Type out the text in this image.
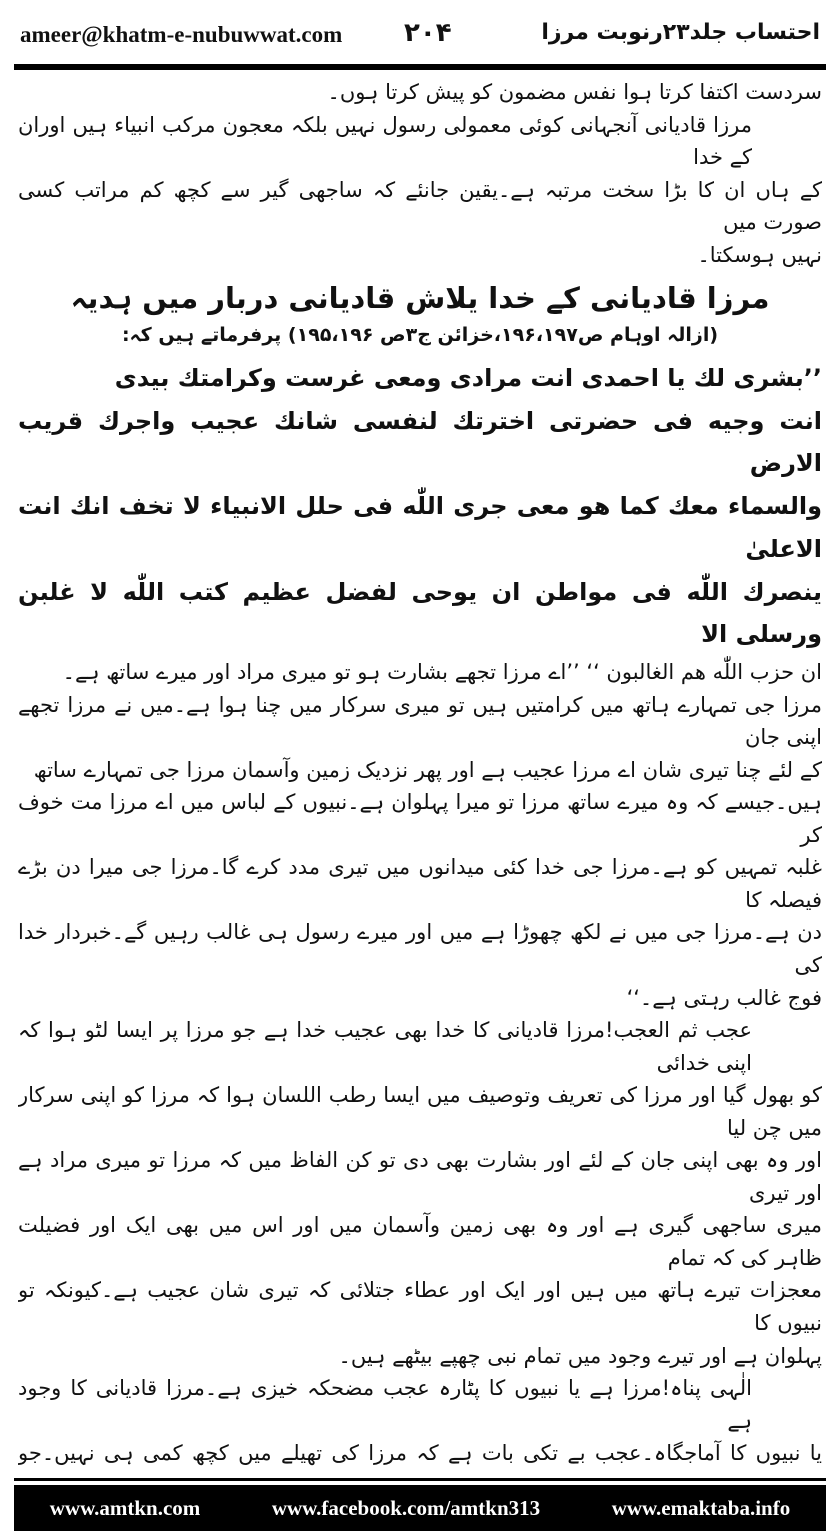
ameer@khatm-e-nubuwwat.com ۲۰۴	احتساب جلد۲۳رنوبت مرزا

سردست اکتفا کرتا ہوا نفس مضمون کو پیش کرتا ہوں۔

مرزا قادیانی آنجہانی کوئی معمولی رسول نہیں بلکہ معجون مرکب انبیاء ہیں اوران کے خدا

کے ہاں ان کا بڑا سخت مرتبہ ہے۔یقین جانئے کہ ساجھی گیر سے کچھ کم مراتب کسی صورت میں

نہیں ہوسکتا۔

مرزا قادیانی کے خدا یلاش قادیانی دربار میں ہدیہ

(ازالہ اوہام ص۱۹۶،۱۹۷،خزائن ج۳ص ۱۹۵،۱۹۶) پرفرماتے ہیں کہ:

’’بشری لك یا احمدی انت مرادی ومعی غرست وكرامتك بیدی

انت وجیه فی حضرتی اخترتك لنفسی شانك عجیب واجرك قریب الارض

والسماء معك كما هو معی جری اللّٰه فی حلل الانبیاء لا تخف انك انت الاعلیٰ

ینصرك اللّٰه فی مواطن ان یوحی لفضل عظیم كتب اللّٰه لا غلبن ورسلی الا

ان حزب اللّٰه هم الغالبون ‘‘ ’’اے مرزا تجھے بشارت ہو تو میری مراد اور میرے ساتھ ہے۔

مرزا جی تمہارے ہاتھ میں کرامتیں ہیں تو میری سرکار میں چنا ہوا ہے۔میں نے مرزا تجھے اپنی جان

کے لئے چنا تیری شان اے مرزا عجیب ہے اور پھر نزدیک زمین وآسمان مرزا جی تمہارے ساتھ

ہیں۔جیسے کہ وہ میرے ساتھ مرزا تو میرا پہلوان ہے۔نبیوں کے لباس میں اے مرزا مت خوف کر

غلبہ تمہیں کو ہے۔مرزا جی خدا کئی میدانوں میں تیری مدد کرے گا۔مرزا جی میرا دن بڑے فیصلہ کا

دن ہے۔مرزا جی میں نے لکھ چھوڑا ہے میں اور میرے رسول ہی غالب رہیں گے۔خبردار خدا کی

فوج غالب رہتی ہے۔‘‘

عجب ثم العجب!مرزا قادیانی کا خدا بھی عجیب خدا ہے جو مرزا پر ایسا لٹو ہوا کہ اپنی خدائی

کو بھول گیا اور مرزا کی تعریف وتوصیف میں ایسا رطب اللسان ہوا کہ مرزا کو اپنی سرکار میں چن لیا

اور وہ بھی اپنی جان کے لئے اور بشارت بھی دی تو کن الفاظ میں کہ مرزا تو میری مراد ہے اور تیری

میری ساجھی گیری ہے اور وہ بھی زمین وآسمان میں اور اس میں بھی ایک اور فضیلت ظاہر کی کہ تمام

معجزات تیرے ہاتھ میں ہیں اور ایک اور عطاء جتلائی کہ تیری شان عجیب ہے۔کیونکہ تو نبیوں کا

پہلوان ہے اور تیرے وجود میں تمام نبی چھپے بیٹھے ہیں۔

الٰہی پناہ!مرزا ہے یا نبیوں کا پٹارہ عجب مضحکہ خیزی ہے۔مرزا قادیانی کا وجود ہے

یا نبیوں کا آماجگاہ۔عجب بے تکی بات ہے کہ مرزا کی تھیلے میں کچھ کمی ہی نہیں۔جو

www.amtkn.com	www.facebook.com/amtkn313	www.emaktaba.info
